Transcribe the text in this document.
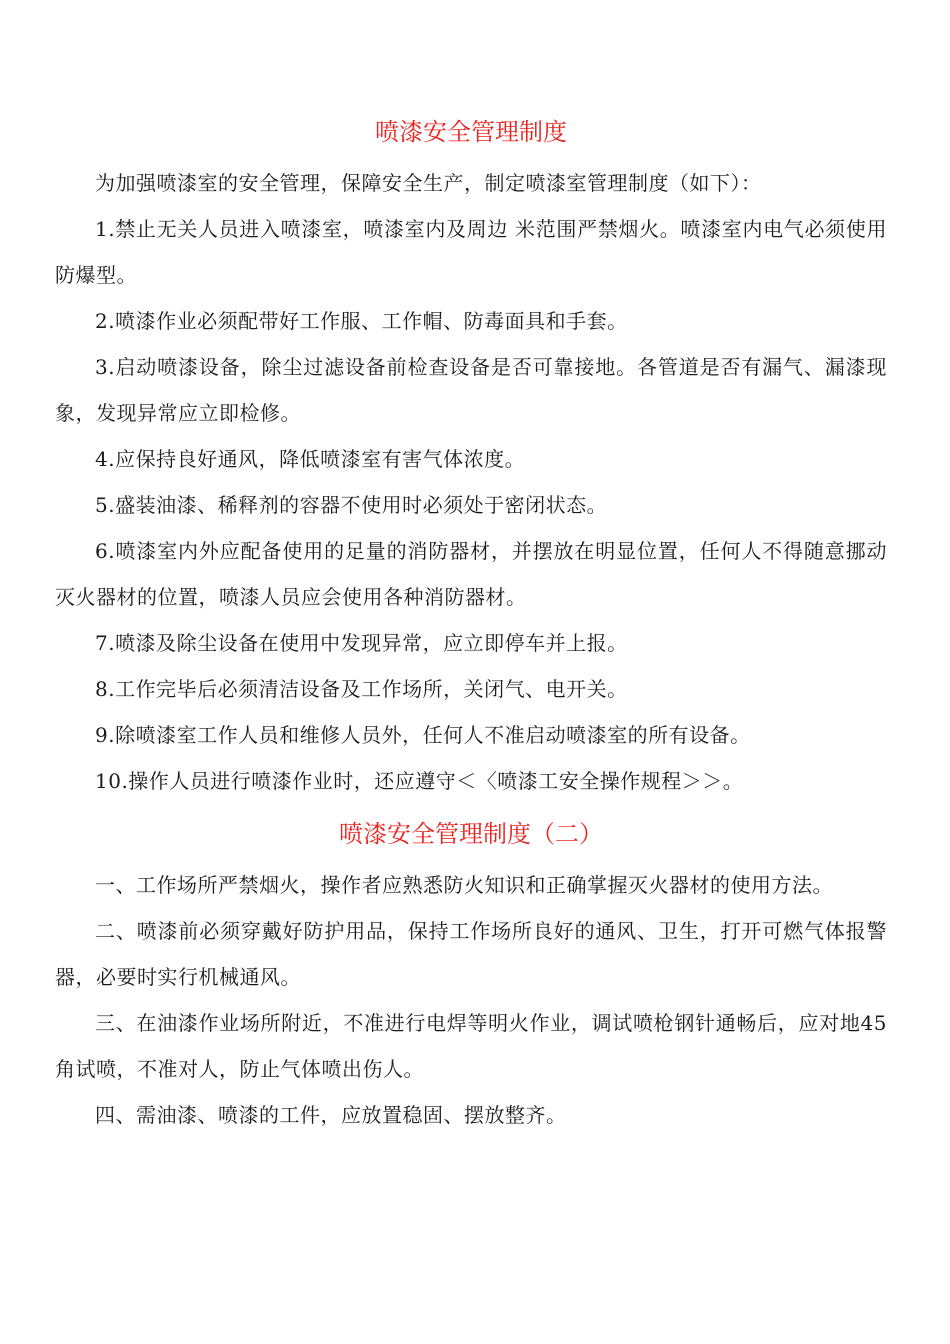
喷漆安全管理制度

为加强喷漆室的安全管理，保障安全生产，制定喷漆室管理制度（如下）：

1.禁止无关人员进入喷漆室，喷漆室内及周边 米范围严禁烟火。喷漆室内电气必须使用防爆型。

2.喷漆作业必须配带好工作服、工作帽、防毒面具和手套。

3.启动喷漆设备，除尘过滤设备前检查设备是否可靠接地。各管道是否有漏气、漏漆现象，发现异常应立即检修。

4.应保持良好通风，降低喷漆室有害气体浓度。

5.盛装油漆、稀释剂的容器不使用时必须处于密闭状态。

6.喷漆室内外应配备使用的足量的消防器材，并摆放在明显位置，任何人不得随意挪动灭火器材的位置，喷漆人员应会使用各种消防器材。

7.喷漆及除尘设备在使用中发现异常，应立即停车并上报。

8.工作完毕后必须清洁设备及工作场所，关闭气、电开关。

9.除喷漆室工作人员和维修人员外，任何人不准启动喷漆室的所有设备。

10.操作人员进行喷漆作业时，还应遵守＜〈喷漆工安全操作规程＞＞。

喷漆安全管理制度（二）

一、工作场所严禁烟火，操作者应熟悉防火知识和正确掌握灭火器材的使用方法。

二、喷漆前必须穿戴好防护用品，保持工作场所良好的通风、卫生，打开可燃气体报警器，必要时实行机械通风。

三、在油漆作业场所附近，不准进行电焊等明火作业，调试喷枪钢针通畅后，应对地45角试喷，不准对人，防止气体喷出伤人。

四、需油漆、喷漆的工件，应放置稳固、摆放整齐。
